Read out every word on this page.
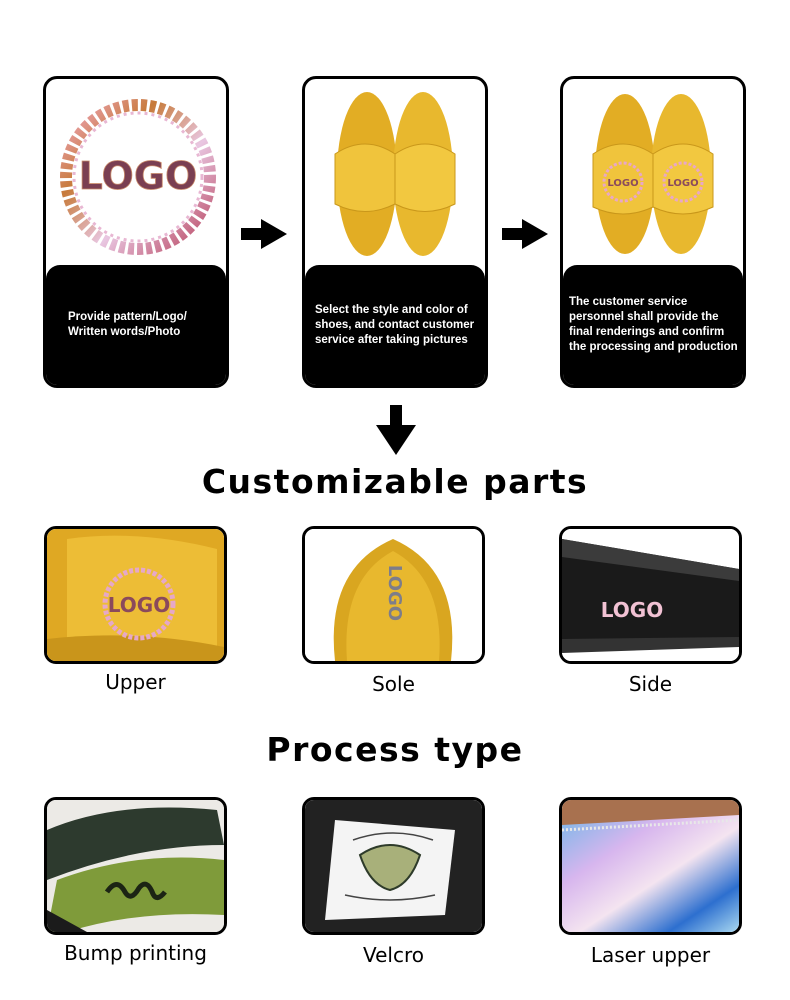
LOGO
Provide pattern/Logo/ Written words/Photo
Select the style and color of shoes, and contact customer service after taking pictures
LOGO	LOGO
The customer service personnel shall provide the final renderings and confirm the processing and production
Customizable parts
LOGO
Upper
LOGO
Sole
LOGO
Side
Process type
Bump printing	Velcro	Laser upper
